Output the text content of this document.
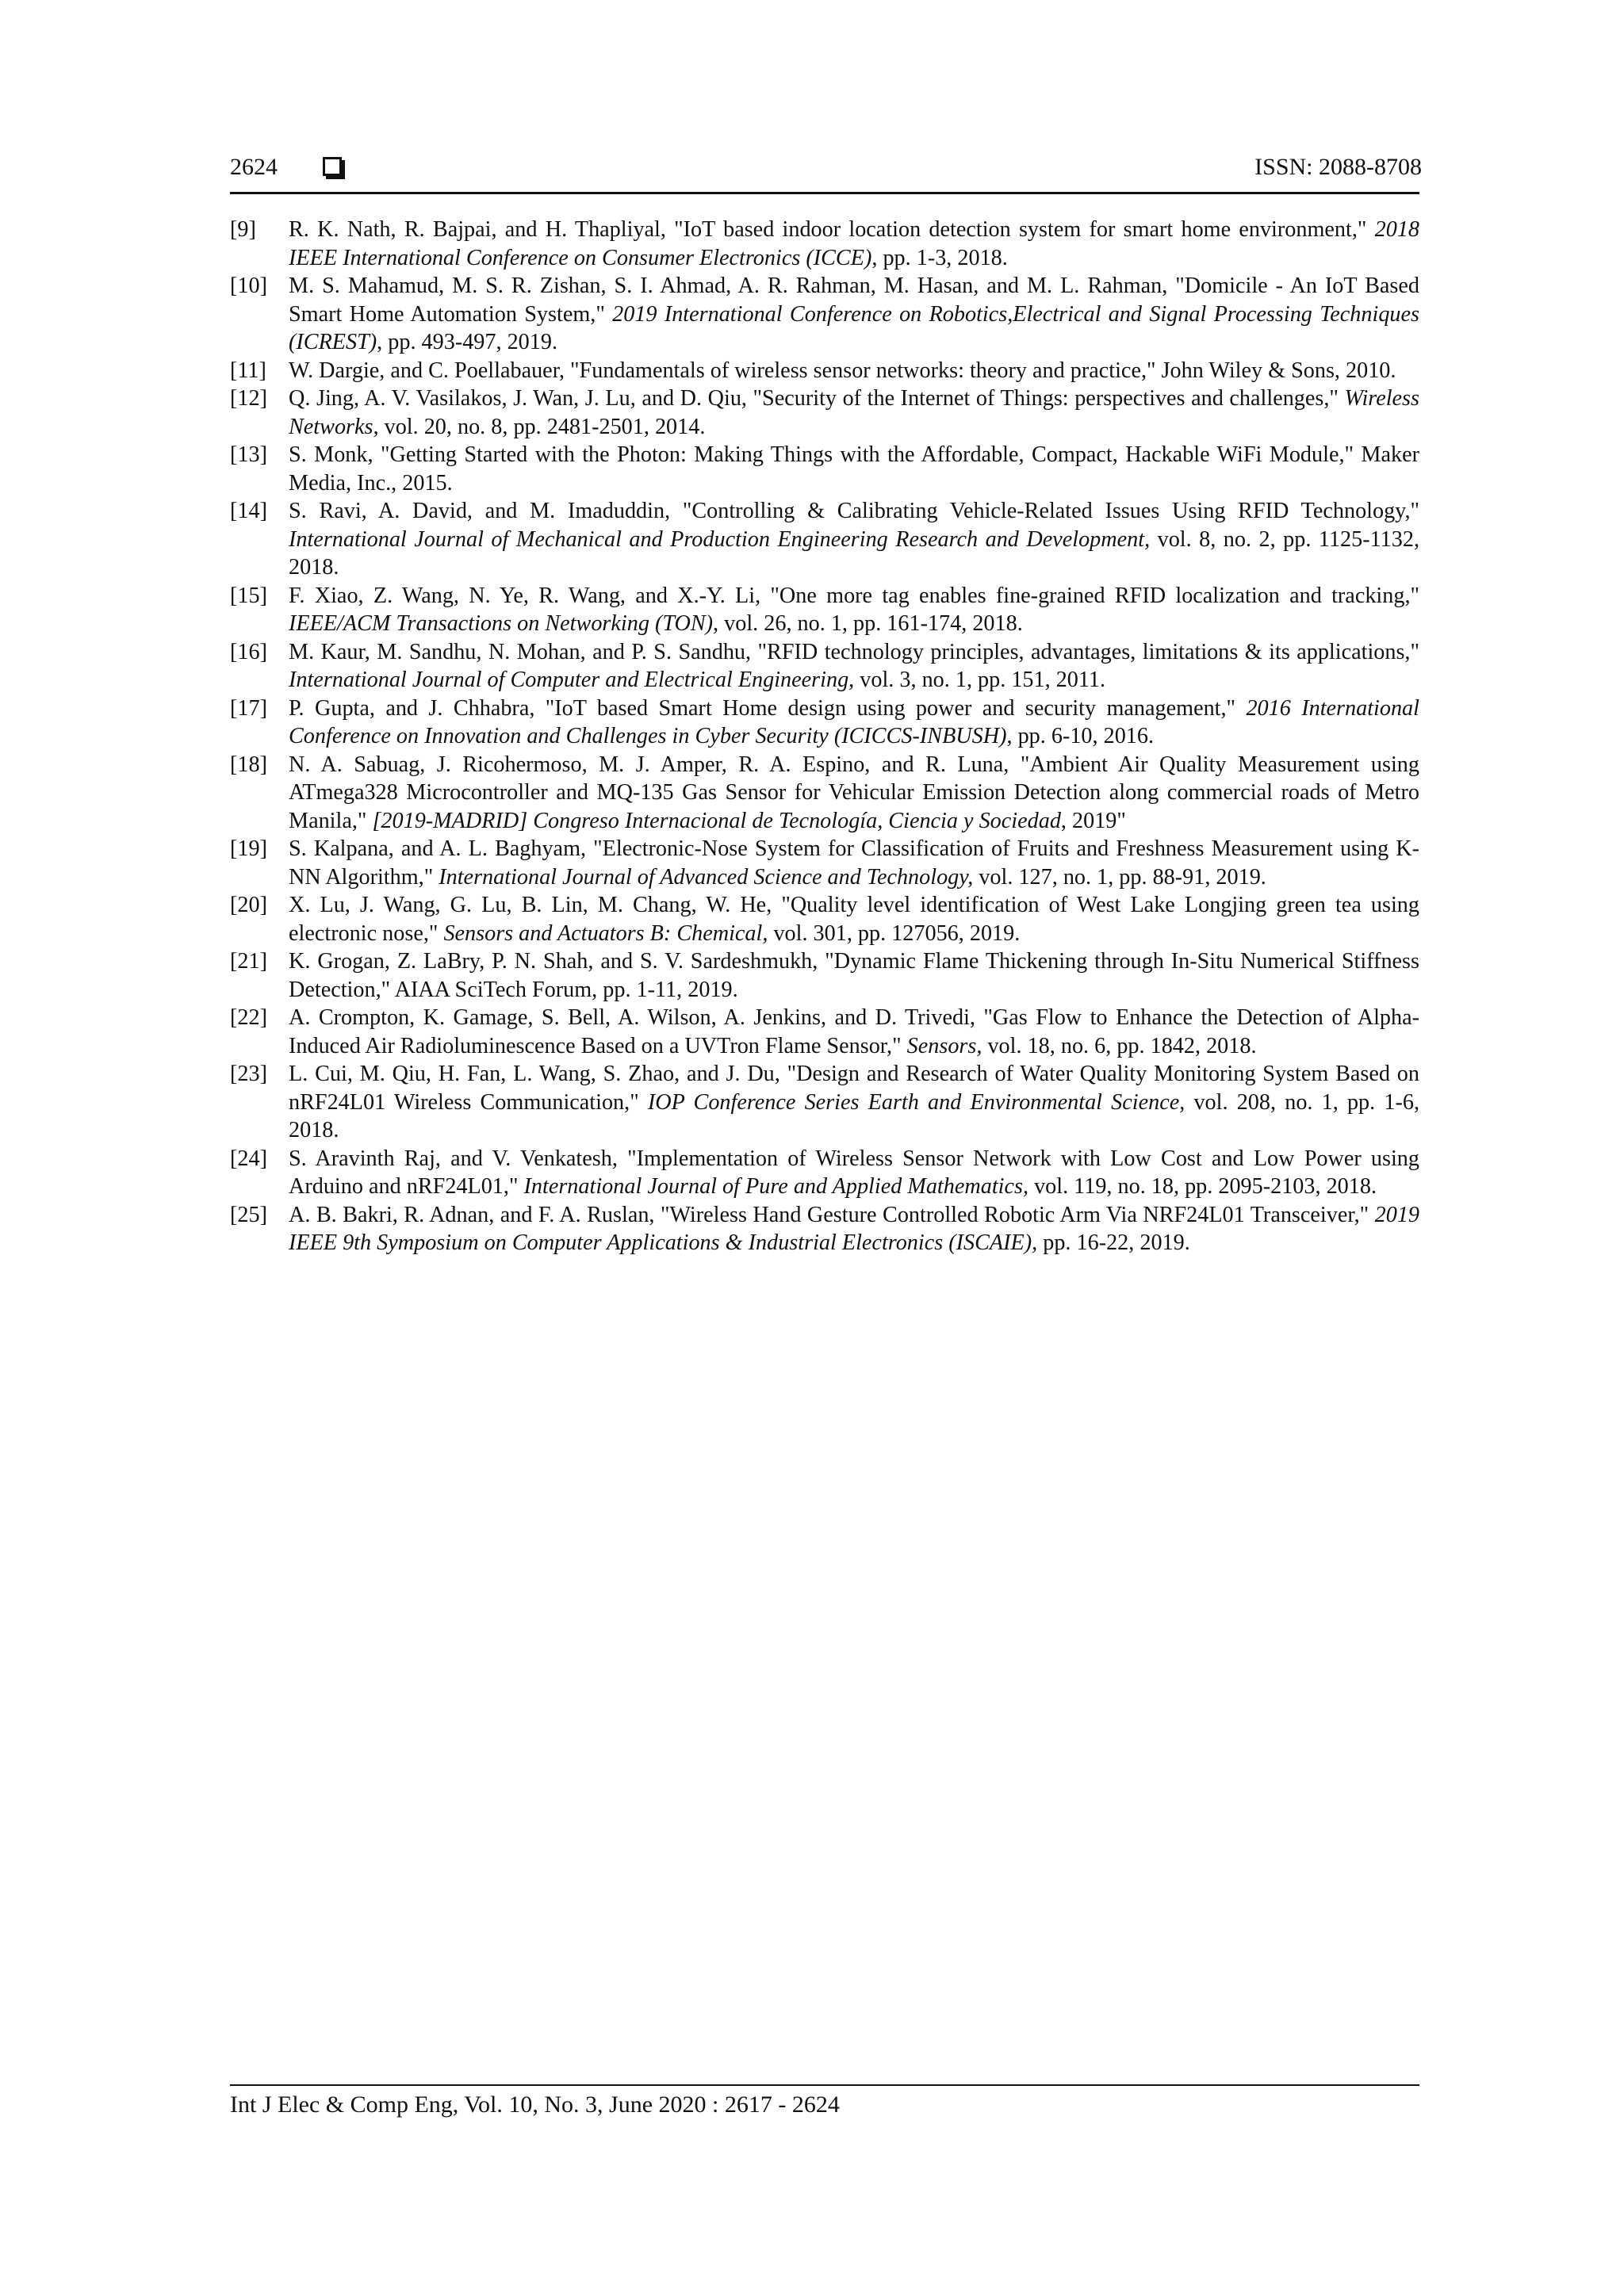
2624	ISSN: 2088-8708
[9] R. K. Nath, R. Bajpai, and H. Thapliyal, "IoT based indoor location detection system for smart home environment," 2018 IEEE International Conference on Consumer Electronics (ICCE), pp. 1-3, 2018.
[10] M. S. Mahamud, M. S. R. Zishan, S. I. Ahmad, A. R. Rahman, M. Hasan, and M. L. Rahman, "Domicile - An IoT Based Smart Home Automation System," 2019 International Conference on Robotics,Electrical and Signal Processing Techniques (ICREST), pp. 493-497, 2019.
[11] W. Dargie, and C. Poellabauer, "Fundamentals of wireless sensor networks: theory and practice," John Wiley & Sons, 2010.
[12] Q. Jing, A. V. Vasilakos, J. Wan, J. Lu, and D. Qiu, "Security of the Internet of Things: perspectives and challenges," Wireless Networks, vol. 20, no. 8, pp. 2481-2501, 2014.
[13] S. Monk, "Getting Started with the Photon: Making Things with the Affordable, Compact, Hackable WiFi Module," Maker Media, Inc., 2015.
[14] S. Ravi, A. David, and M. Imaduddin, "Controlling & Calibrating Vehicle-Related Issues Using RFID Technology," International Journal of Mechanical and Production Engineering Research and Development, vol. 8, no. 2, pp. 1125-1132, 2018.
[15] F. Xiao, Z. Wang, N. Ye, R. Wang, and X.-Y. Li, "One more tag enables fine-grained RFID localization and tracking," IEEE/ACM Transactions on Networking (TON), vol. 26, no. 1, pp. 161-174, 2018.
[16] M. Kaur, M. Sandhu, N. Mohan, and P. S. Sandhu, "RFID technology principles, advantages, limitations & its applications," International Journal of Computer and Electrical Engineering, vol. 3, no. 1, pp. 151, 2011.
[17] P. Gupta, and J. Chhabra, "IoT based Smart Home design using power and security management," 2016 International Conference on Innovation and Challenges in Cyber Security (ICICCS-INBUSH), pp. 6-10, 2016.
[18] N. A. Sabuag, J. Ricohermoso, M. J. Amper, R. A. Espino, and R. Luna, "Ambient Air Quality Measurement using ATmega328 Microcontroller and MQ-135 Gas Sensor for Vehicular Emission Detection along commercial roads of Metro Manila," [2019-MADRID] Congreso Internacional de Tecnología, Ciencia y Sociedad, 2019"
[19] S. Kalpana, and A. L. Baghyam, "Electronic-Nose System for Classification of Fruits and Freshness Measurement using K-NN Algorithm," International Journal of Advanced Science and Technology, vol. 127, no. 1, pp. 88-91, 2019.
[20] X. Lu, J. Wang, G. Lu, B. Lin, M. Chang, W. He, "Quality level identification of West Lake Longjing green tea using electronic nose," Sensors and Actuators B: Chemical, vol. 301, pp. 127056, 2019.
[21] K. Grogan, Z. LaBry, P. N. Shah, and S. V. Sardeshmukh, "Dynamic Flame Thickening through In-Situ Numerical Stiffness Detection," AIAA SciTech Forum, pp. 1-11, 2019.
[22] A. Crompton, K. Gamage, S. Bell, A. Wilson, A. Jenkins, and D. Trivedi, "Gas Flow to Enhance the Detection of Alpha-Induced Air Radioluminescence Based on a UVTron Flame Sensor," Sensors, vol. 18, no. 6, pp. 1842, 2018.
[23] L. Cui, M. Qiu, H. Fan, L. Wang, S. Zhao, and J. Du, "Design and Research of Water Quality Monitoring System Based on nRF24L01 Wireless Communication," IOP Conference Series Earth and Environmental Science, vol. 208, no. 1, pp. 1-6, 2018.
[24] S. Aravinth Raj, and V. Venkatesh, "Implementation of Wireless Sensor Network with Low Cost and Low Power using Arduino and nRF24L01," International Journal of Pure and Applied Mathematics, vol. 119, no. 18, pp. 2095-2103, 2018.
[25] A. B. Bakri, R. Adnan, and F. A. Ruslan, "Wireless Hand Gesture Controlled Robotic Arm Via NRF24L01 Transceiver," 2019 IEEE 9th Symposium on Computer Applications & Industrial Electronics (ISCAIE), pp. 16-22, 2019.
Int J Elec & Comp Eng, Vol. 10, No. 3, June 2020 : 2617 - 2624
